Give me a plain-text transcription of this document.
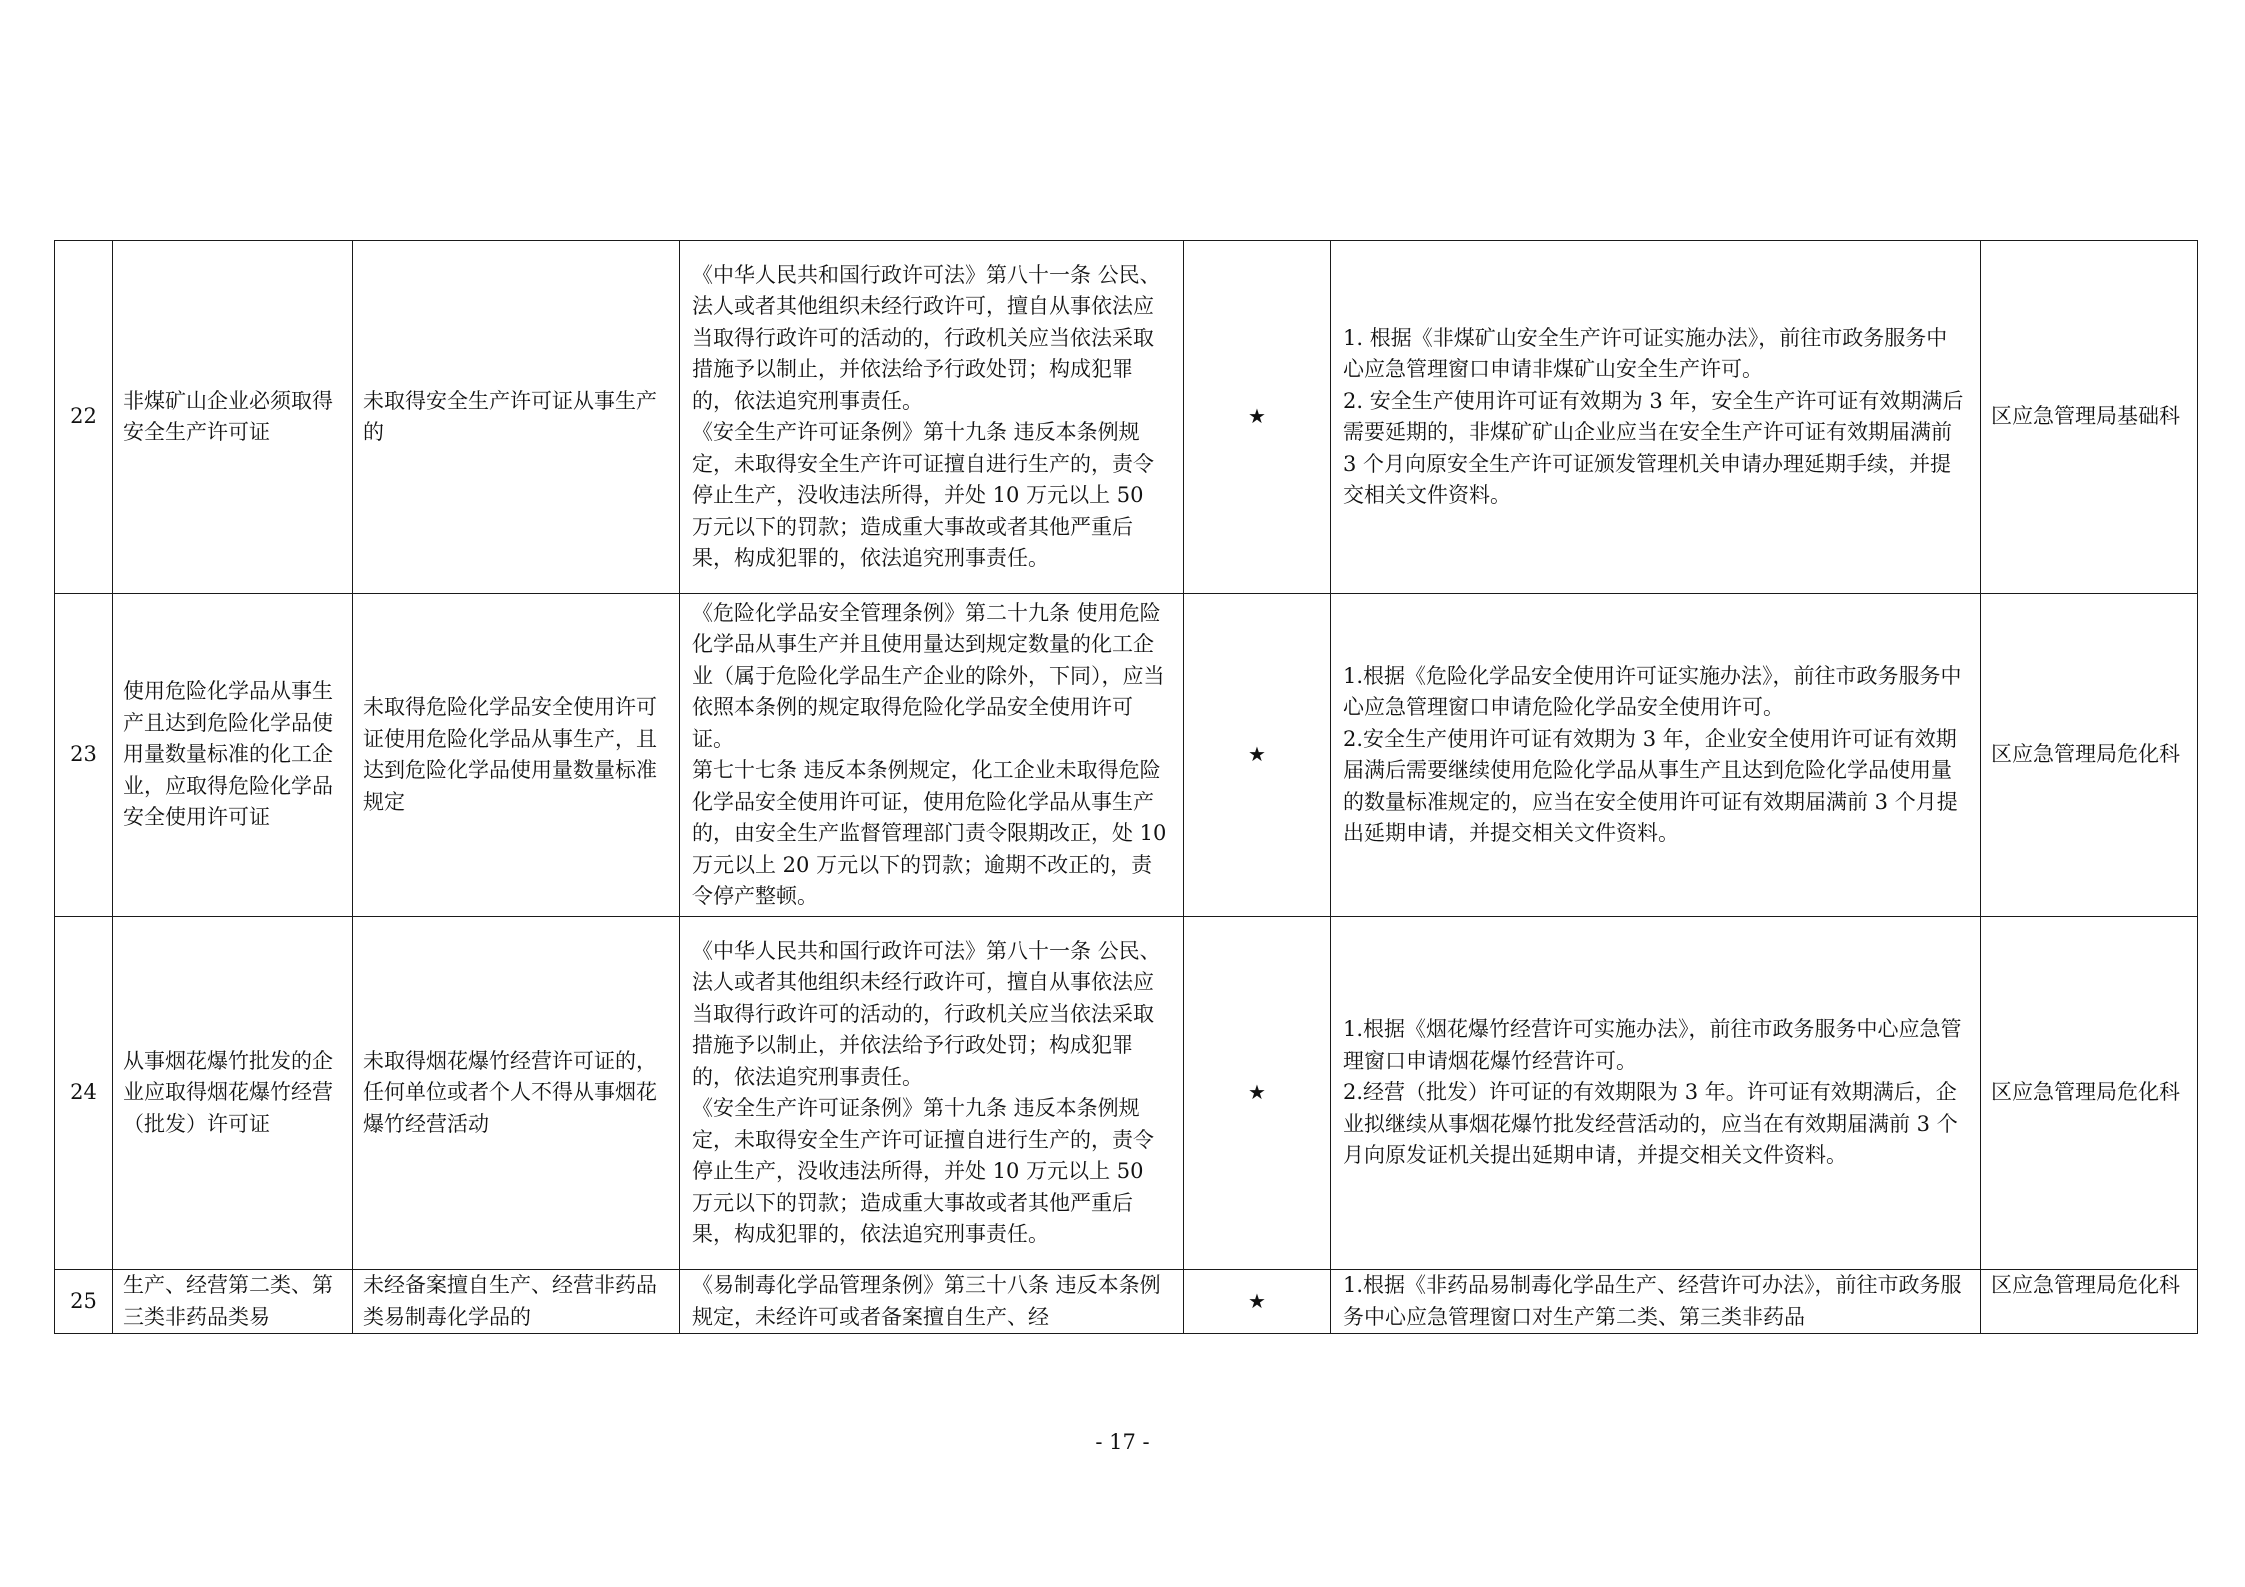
22	非煤矿山企业必须取得安全生产许可证	未取得安全生产许可证从事生产的	《中华人民共和国行政许可法》第八十一条 公民、法人或者其他组织未经行政许可，擅自从事依法应当取得行政许可的活动的，行政机关应当依法采取措施予以制止，并依法给予行政处罚；构成犯罪的，依法追究刑事责任。
《安全生产许可证条例》第十九条 违反本条例规定，未取得安全生产许可证擅自进行生产的，责令停止生产，没收违法所得，并处 10 万元以上 50 万元以下的罚款；造成重大事故或者其他严重后果，构成犯罪的，依法追究刑事责任。	★	1. 根据《非煤矿山安全生产许可证实施办法》，前往市政务服务中心应急管理窗口申请非煤矿山安全生产许可。
2. 安全生产使用许可证有效期为 3 年，安全生产许可证有效期满后需要延期的，非煤矿矿山企业应当在安全生产许可证有效期届满前 3 个月向原安全生产许可证颁发管理机关申请办理延期手续，并提交相关文件资料。	区应急管理局基础科
23	使用危险化学品从事生产且达到危险化学品使用量数量标准的化工企业，应取得危险化学品安全使用许可证	未取得危险化学品安全使用许可证使用危险化学品从事生产，且达到危险化学品使用量数量标准规定	《危险化学品安全管理条例》第二十九条 使用危险化学品从事生产并且使用量达到规定数量的化工企业（属于危险化学品生产企业的除外，下同），应当依照本条例的规定取得危险化学品安全使用许可证。
第七十七条 违反本条例规定，化工企业未取得危险化学品安全使用许可证，使用危险化学品从事生产的，由安全生产监督管理部门责令限期改正，处 10 万元以上 20 万元以下的罚款；逾期不改正的，责令停产整顿。	★	1.根据《危险化学品安全使用许可证实施办法》，前往市政务服务中心应急管理窗口申请危险化学品安全使用许可。
2.安全生产使用许可证有效期为 3 年，企业安全使用许可证有效期届满后需要继续使用危险化学品从事生产且达到危险化学品使用量的数量标准规定的，应当在安全使用许可证有效期届满前 3 个月提出延期申请，并提交相关文件资料。	区应急管理局危化科
24	从事烟花爆竹批发的企业应取得烟花爆竹经营（批发）许可证	未取得烟花爆竹经营许可证的，任何单位或者个人不得从事烟花爆竹经营活动	《中华人民共和国行政许可法》第八十一条 公民、法人或者其他组织未经行政许可，擅自从事依法应当取得行政许可的活动的，行政机关应当依法采取措施予以制止，并依法给予行政处罚；构成犯罪的，依法追究刑事责任。
《安全生产许可证条例》第十九条 违反本条例规定，未取得安全生产许可证擅自进行生产的，责令停止生产，没收违法所得，并处 10 万元以上 50 万元以下的罚款；造成重大事故或者其他严重后果，构成犯罪的，依法追究刑事责任。	★	1.根据《烟花爆竹经营许可实施办法》，前往市政务服务中心应急管理窗口申请烟花爆竹经营许可。
2.经营（批发）许可证的有效期限为 3 年。许可证有效期满后，企业拟继续从事烟花爆竹批发经营活动的，应当在有效期届满前 3 个月向原发证机关提出延期申请，并提交相关文件资料。	区应急管理局危化科
25	生产、经营第二类、第三类非药品类易	未经备案擅自生产、经营非药品类易制毒化学品的	《易制毒化学品管理条例》第三十八条 违反本条例规定，未经许可或者备案擅自生产、经	★	1.根据《非药品易制毒化学品生产、经营许可办法》，前往市政务服务中心应急管理窗口对生产第二类、第三类非药品	区应急管理局危化科
- 17 -
